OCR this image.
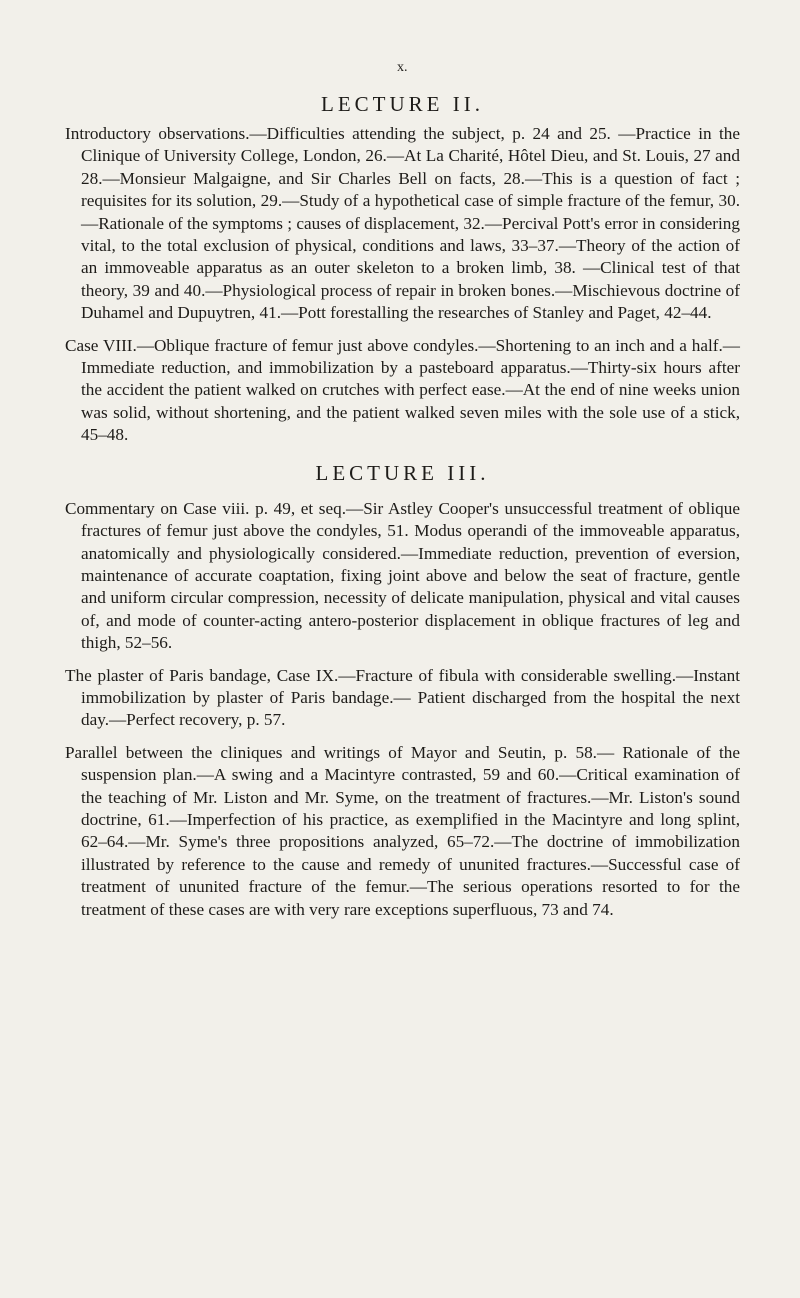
x.
LECTURE II.

Introductory observations.—Difficulties attending the subject, p. 24 and 25. —Practice in the Clinique of University College, London, 26.—At La Charité, Hôtel Dieu, and St. Louis, 27 and 28.—Monsieur Malgaigne, and Sir Charles Bell on facts, 28.—This is a question of fact ; requisites for its solution, 29.—Study of a hypothetical case of simple fracture of the femur, 30.—Rationale of the symptoms ; causes of displacement, 32.—Percival Pott's error in considering vital, to the total exclusion of physical, conditions and laws, 33–37.—Theory of the action of an immoveable apparatus as an outer skeleton to a broken limb, 38. —Clinical test of that theory, 39 and 40.—Physiological process of repair in broken bones.—Mischievous doctrine of Duhamel and Dupuytren, 41.—Pott forestalling the researches of Stanley and Paget, 42–44.

Case VIII.—Oblique fracture of femur just above condyles.—Shortening to an inch and a half.—Immediate reduction, and immobilization by a pasteboard apparatus.—Thirty-six hours after the accident the patient walked on crutches with perfect ease.—At the end of nine weeks union was solid, without shortening, and the patient walked seven miles with the sole use of a stick, 45–48.

LECTURE III.

Commentary on Case viii. p. 49, et seq.—Sir Astley Cooper's unsuccessful treatment of oblique fractures of femur just above the condyles, 51. Modus operandi of the immoveable apparatus, anatomically and physiologically considered.—Immediate reduction, prevention of eversion, maintenance of accurate coaptation, fixing joint above and below the seat of fracture, gentle and uniform circular compression, necessity of delicate manipulation, physical and vital causes of, and mode of counter-acting antero-posterior displacement in oblique fractures of leg and thigh, 52–56.

The plaster of Paris bandage, Case IX.—Fracture of fibula with considerable swelling.—Instant immobilization by plaster of Paris bandage.— Patient discharged from the hospital the next day.—Perfect recovery, p. 57.

Parallel between the cliniques and writings of Mayor and Seutin, p. 58.— Rationale of the suspension plan.—A swing and a Macintyre contrasted, 59 and 60.—Critical examination of the teaching of Mr. Liston and Mr. Syme, on the treatment of fractures.—Mr. Liston's sound doctrine, 61.—Imperfection of his practice, as exemplified in the Macintyre and long splint, 62–64.—Mr. Syme's three propositions analyzed, 65–72.—The doctrine of immobilization illustrated by reference to the cause and remedy of ununited fractures.—Successful case of treatment of ununited fracture of the femur.—The serious operations resorted to for the treatment of these cases are with very rare exceptions superfluous, 73 and 74.
